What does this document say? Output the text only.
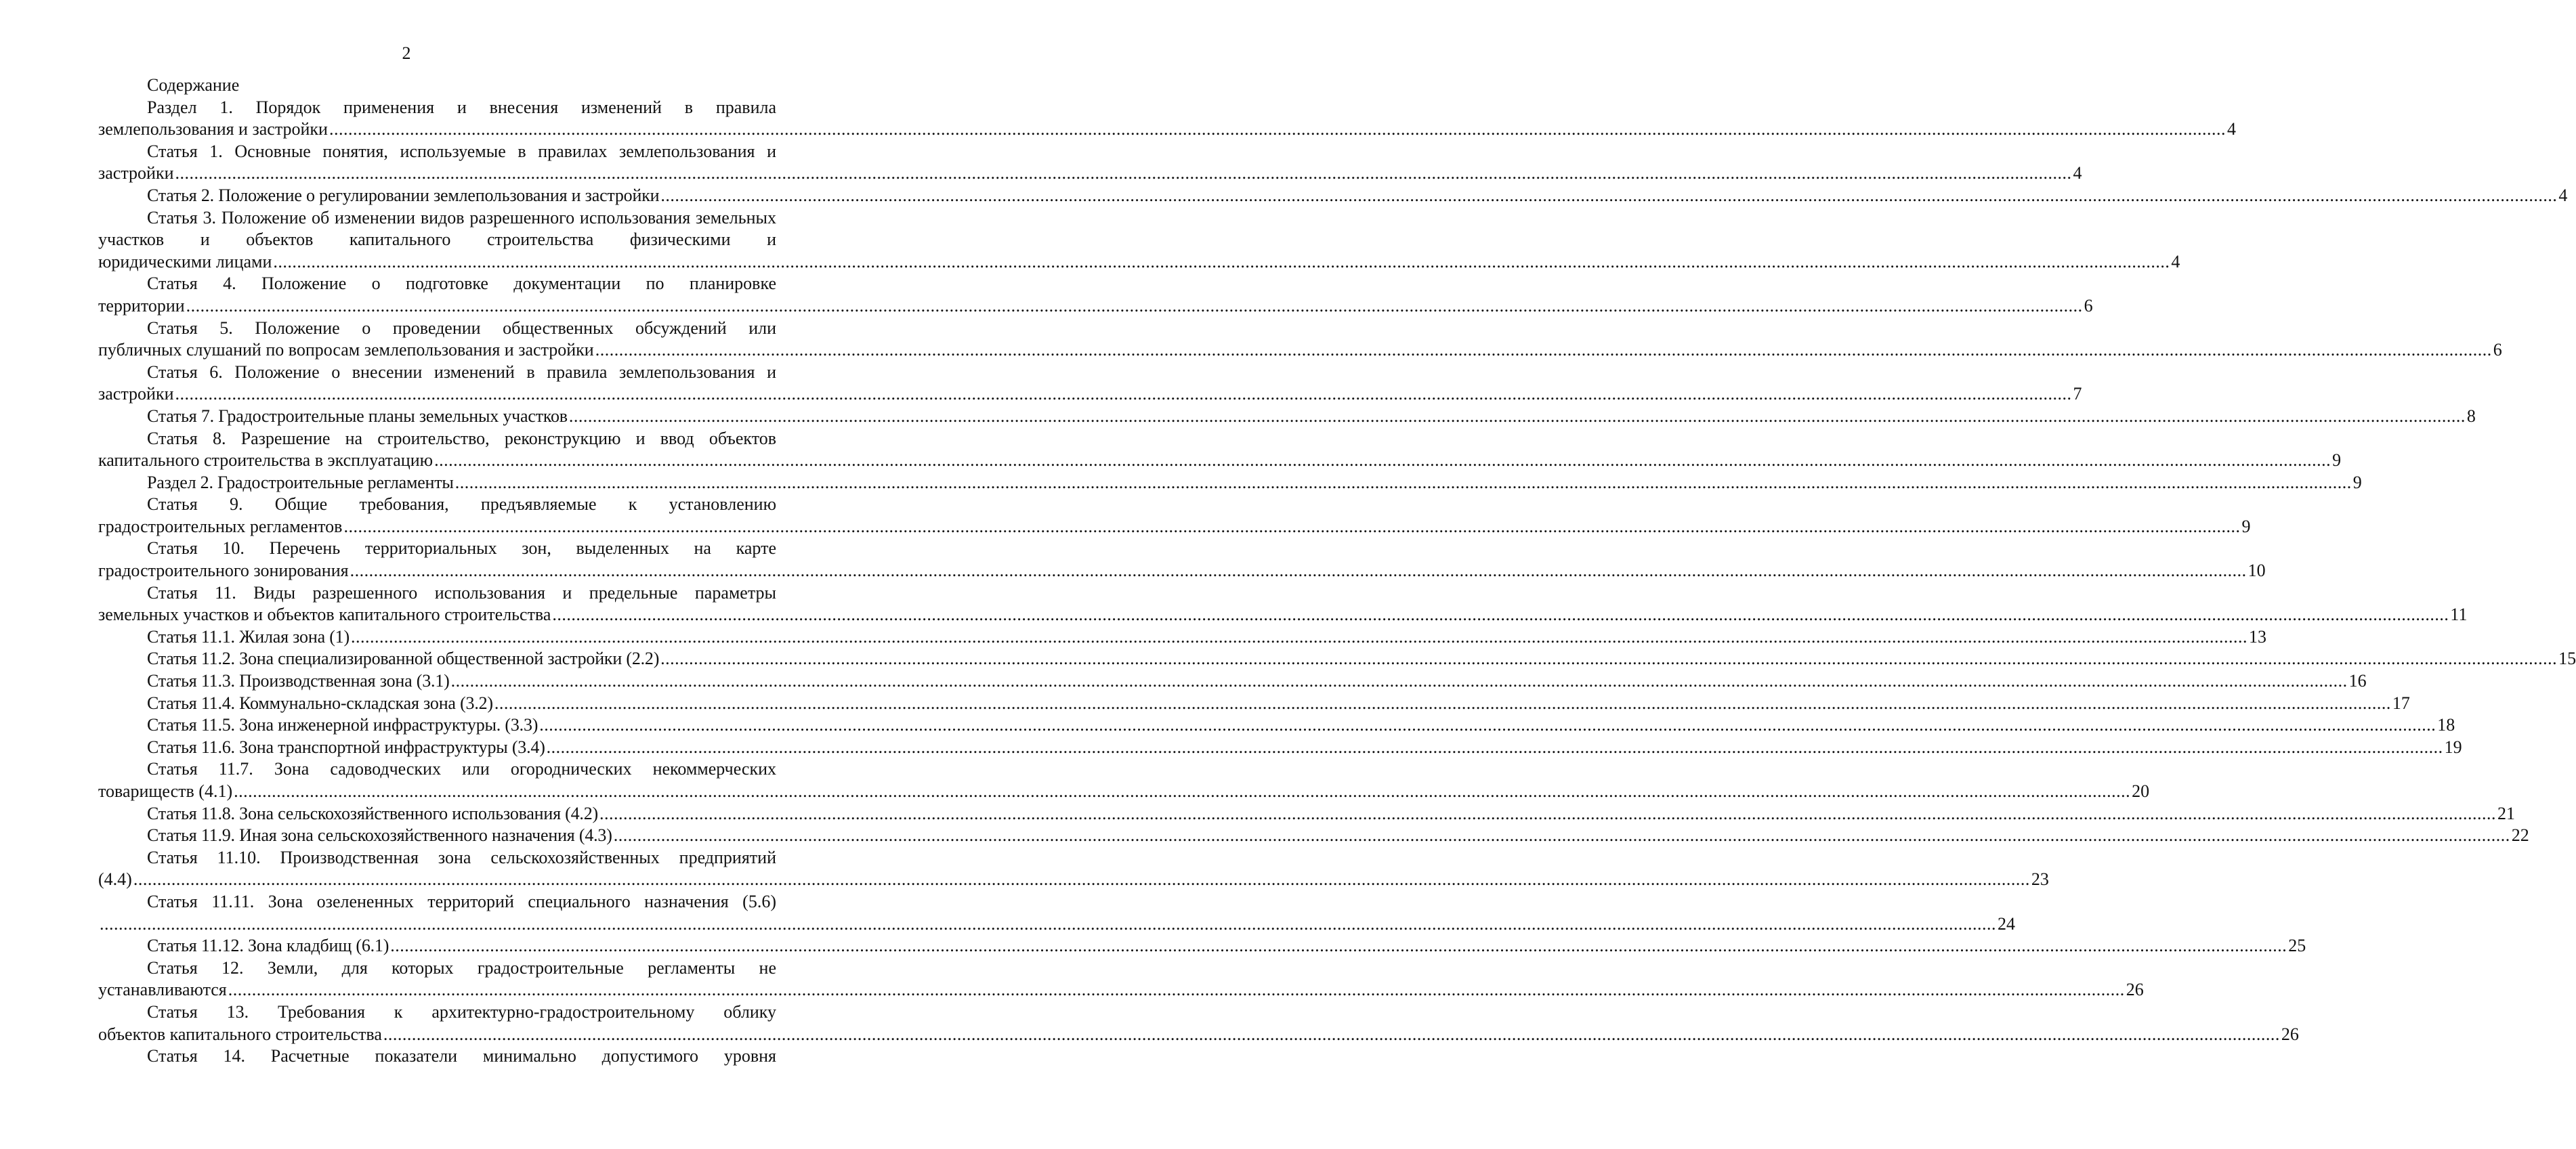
2
Содержание

Раздел 1. Порядок применения и внесения изменений в правила

землепользования и застройки ................................................................................................................................................................................................................................................................................................................................................................................................................ 4

Статья 1. Основные понятия, используемые в правилах землепользования и

застройки ................................................................................................................................................................................................................................................................................................................................................................................................................ 4
Статья 2. Положение о регулировании землепользования и застройки ................................................................................................................................................................................................................................................................................................................................................................................................................ 4

Статья 3. Положение об изменении видов разрешенного использования земельных участков и объектов капитального строительства физическими и

юридическими лицами ................................................................................................................................................................................................................................................................................................................................................................................................................ 4

Статья 4. Положение о подготовке документации по планировке

территории ................................................................................................................................................................................................................................................................................................................................................................................................................ 6

Статья 5. Положение о проведении общественных обсуждений или

публичных слушаний по вопросам землепользования и застройки ................................................................................................................................................................................................................................................................................................................................................................................................................ 6

Статья 6. Положение о внесении изменений в правила землепользования и

застройки ................................................................................................................................................................................................................................................................................................................................................................................................................ 7
Статья 7. Градостроительные планы земельных участков ................................................................................................................................................................................................................................................................................................................................................................................................................ 8

Статья 8. Разрешение на строительство, реконструкцию и ввод объектов

капитального строительства в эксплуатацию ................................................................................................................................................................................................................................................................................................................................................................................................................ 9
Раздел 2. Градостроительные регламенты ................................................................................................................................................................................................................................................................................................................................................................................................................ 9

Статья 9. Общие требования, предъявляемые к установлению

градостроительных регламентов ................................................................................................................................................................................................................................................................................................................................................................................................................ 9

Статья 10. Перечень территориальных зон, выделенных на карте

градостроительного зонирования ................................................................................................................................................................................................................................................................................................................................................................................................................ 10

Статья 11. Виды разрешенного использования и предельные параметры

земельных участков и объектов капитального строительства ................................................................................................................................................................................................................................................................................................................................................................................................................ 11
Статья 11.1. Жилая зона (1) ................................................................................................................................................................................................................................................................................................................................................................................................................ 13
Статья 11.2. Зона специализированной общественной застройки (2.2) ................................................................................................................................................................................................................................................................................................................................................................................................................ 15
Статья 11.3. Производственная зона (3.1) ................................................................................................................................................................................................................................................................................................................................................................................................................ 16
Статья 11.4. Коммунально-складская зона (3.2) ................................................................................................................................................................................................................................................................................................................................................................................................................ 17
Статья 11.5. Зона инженерной инфраструктуры. (3.3) ................................................................................................................................................................................................................................................................................................................................................................................................................ 18
Статья 11.6. Зона транспортной инфраструктуры (3.4) ................................................................................................................................................................................................................................................................................................................................................................................................................ 19

Статья 11.7. Зона садоводческих или огороднических некоммерческих

товариществ (4.1) ................................................................................................................................................................................................................................................................................................................................................................................................................ 20
Статья 11.8. Зона сельскохозяйственного использования (4.2) ................................................................................................................................................................................................................................................................................................................................................................................................................ 21
Статья 11.9. Иная зона сельскохозяйственного назначения (4.3) ................................................................................................................................................................................................................................................................................................................................................................................................................ 22

Статья 11.10. Производственная зона сельскохозяйственных предприятий

(4.4) ................................................................................................................................................................................................................................................................................................................................................................................................................ 23

Статья 11.11. Зона озелененных территорий специального назначения (5.6)

................................................................................................................................................................................................................................................................................................................................................................................................................ 24
Статья 11.12. Зона кладбищ (6.1) ................................................................................................................................................................................................................................................................................................................................................................................................................ 25

Статья 12. Земли, для которых градостроительные регламенты не

устанавливаются ................................................................................................................................................................................................................................................................................................................................................................................................................ 26

Статья 13. Требования к архитектурно-градостроительному облику

объектов капитального строительства ................................................................................................................................................................................................................................................................................................................................................................................................................ 26

Статья 14. Расчетные показатели минимально допустимого уровня
